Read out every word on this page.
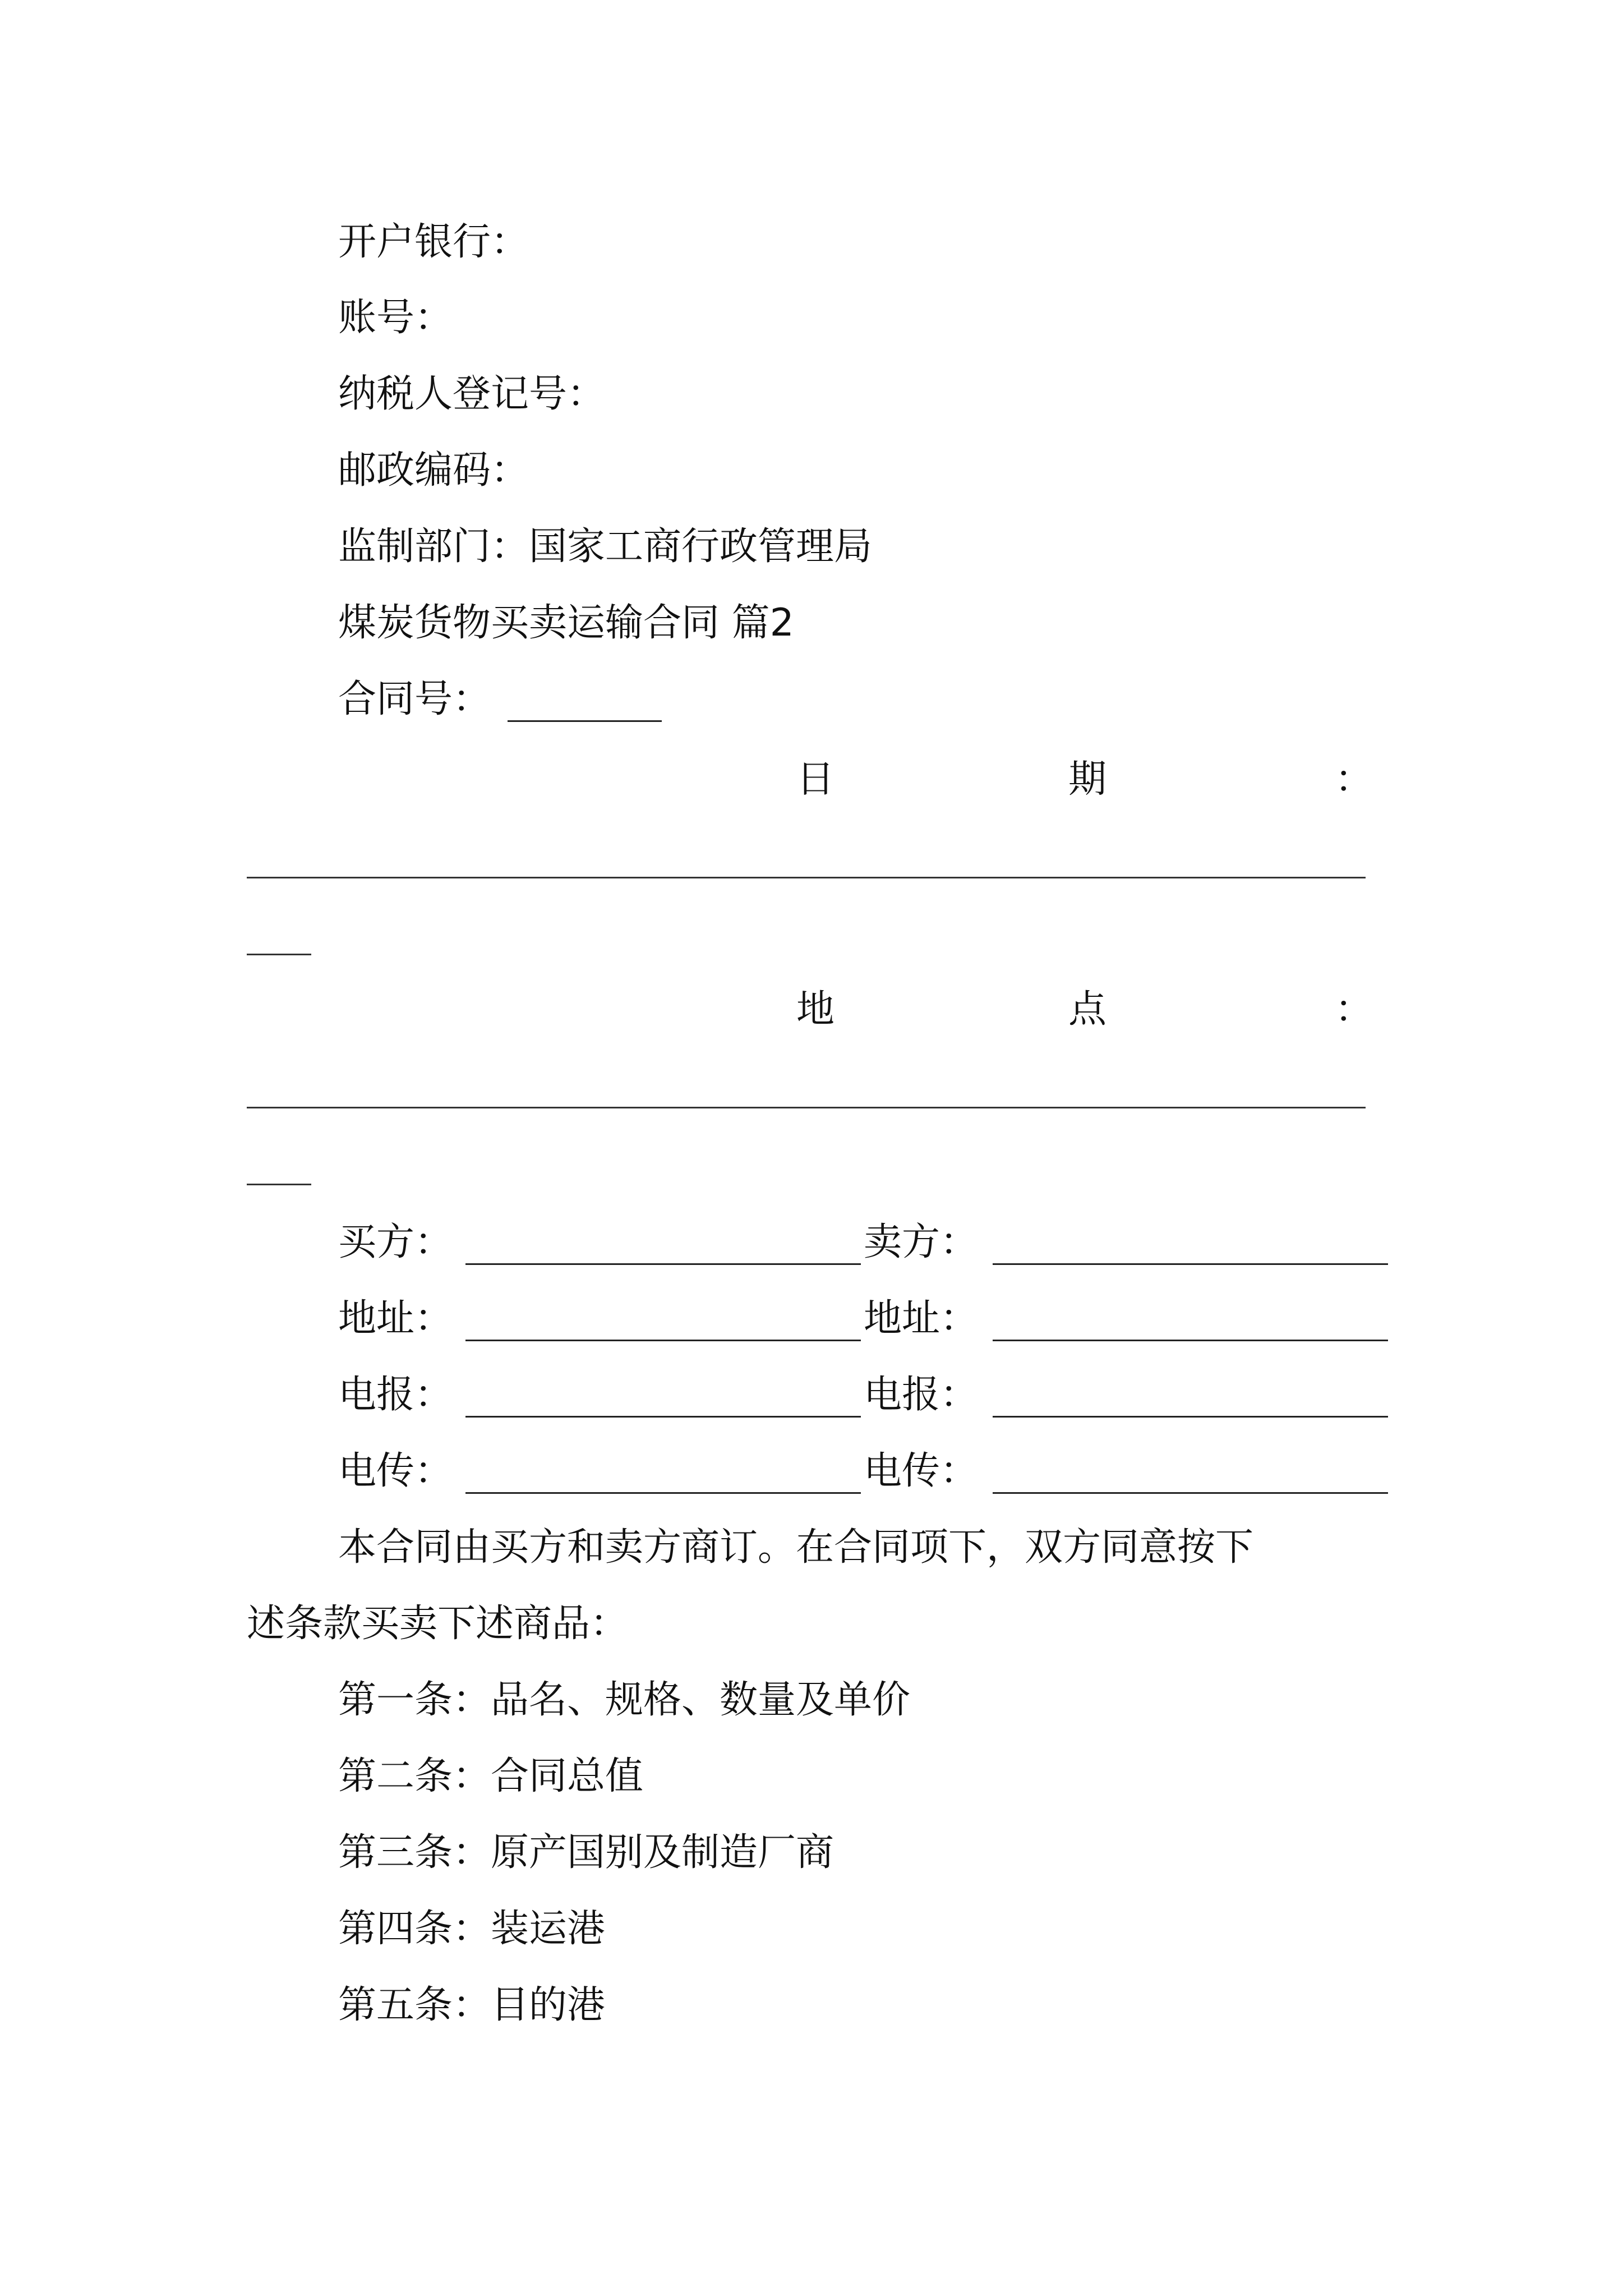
开户银行：
账号：
纳税人登记号：
邮政编码：
监制部门：国家工商行政管理局
煤炭货物买卖运输合同 篇2
合同号：
日	期	：
地	点	：
买方：	卖方：
地址：	地址：
电报：	电报：
电传：	电传：
本合同由买方和卖方商订。在合同项下，双方同意按下
述条款买卖下述商品：
第一条：品名、规格、数量及单价
第二条：合同总值
第三条：原产国别及制造厂商
第四条：装运港
第五条：目的港
